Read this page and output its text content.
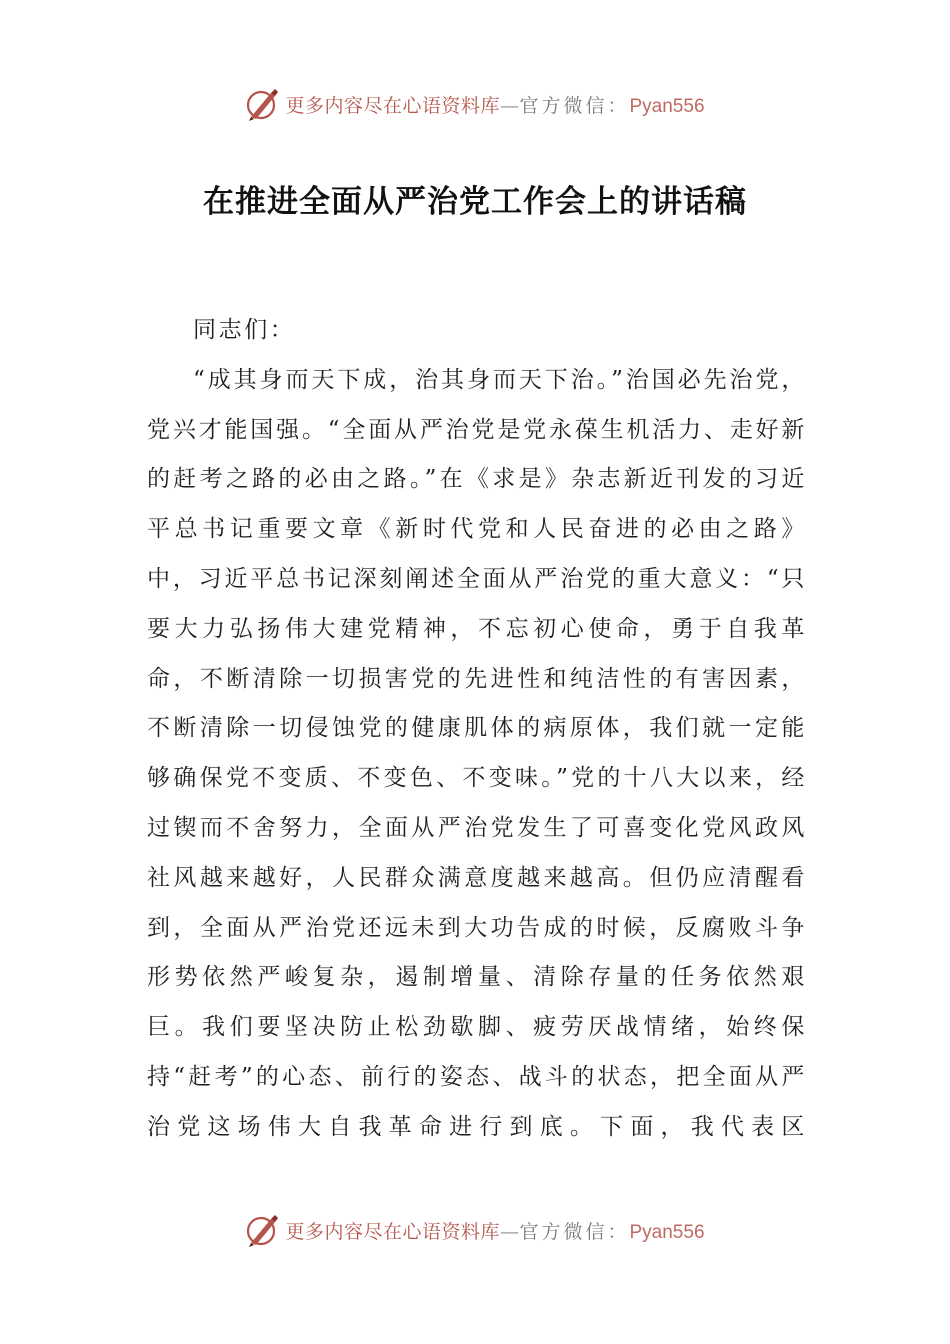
更多内容尽在心语资料库—官方微信：Pyan556
在推进全面从严治党工作会上的讲话稿

同志们：

“成其身而天下成，治其身而天下治。”治国必先治党，党兴才能国强。“全面从严治党是党永葆生机活力、走好新的赶考之路的必由之路。”在《求是》杂志新近刊发的习近平总书记重要文章《新时代党和人民奋进的必由之路》中，习近平总书记深刻阐述全面从严治党的重大意义：“只要大力弘扬伟大建党精神，不忘初心使命，勇于自我革命，不断清除一切损害党的先进性和纯洁性的有害因素，不断清除一切侵蚀党的健康肌体的病原体，我们就一定能够确保党不变质、不变色、不变味。”党的十八大以来，经过锲而不舍努力，全面从严治党发生了可喜变化党风政风社风越来越好，人民群众满意度越来越高。但仍应清醒看到，全面从严治党还远未到大功告成的时候，反腐败斗争形势依然严峻复杂，遏制增量、清除存量的任务依然艰巨。我们要坚决防止松劲歇脚、疲劳厌战情绪，始终保持“赶考”的心态、前行的姿态、战斗的状态，把全面从严治党这场伟大自我革命进行到底。下面，我代表区

更多内容尽在心语资料库—官方微信：Pyan556
